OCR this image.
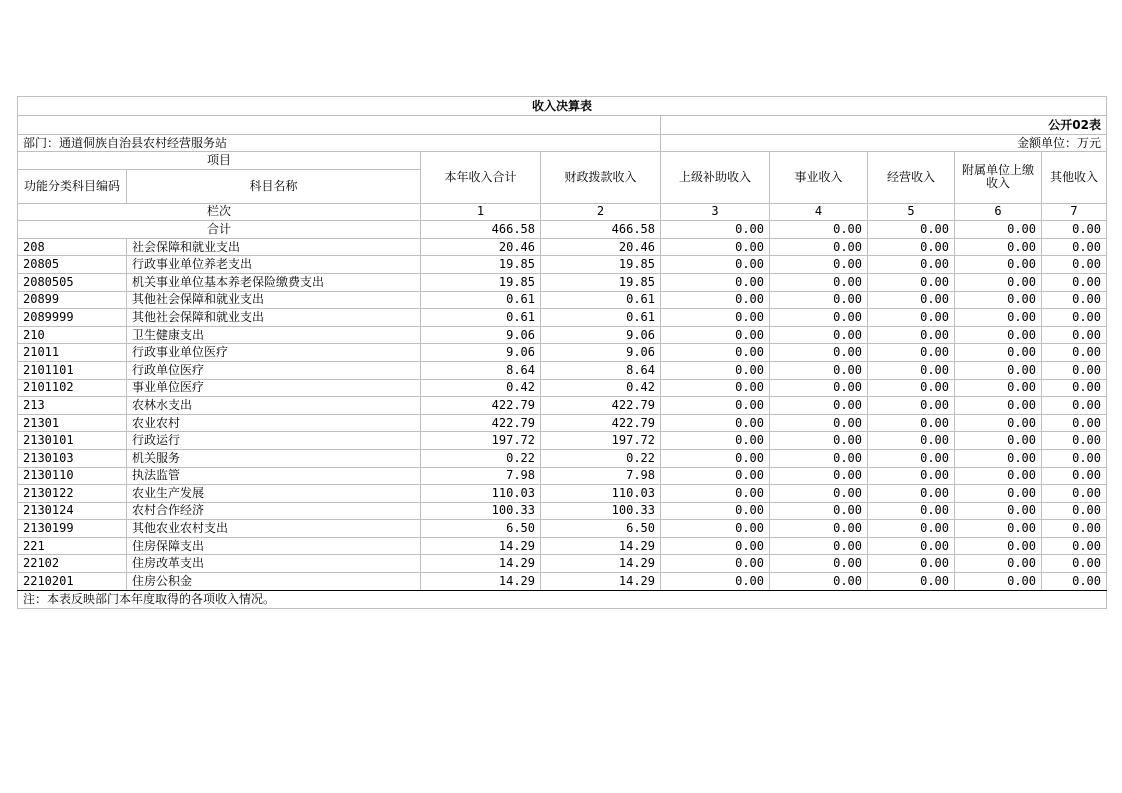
收入决算表								
				公开02表				
部门：通道侗族自治县农村经营服务站				金额单位：万元				
项目		本年收入合计	财政拨款收入	上级补助收入	事业收入	经营收入	附属单位上缴收入	其他收入
功能分类科目编码	科目名称							
栏次		1	2	3	4	5	6	7
合计		466.58	466.58	0.00	0.00	0.00	0.00	0.00
208	社会保障和就业支出	20.46	20.46	0.00	0.00	0.00	0.00	0.00
20805	行政事业单位养老支出	19.85	19.85	0.00	0.00	0.00	0.00	0.00
2080505	机关事业单位基本养老保险缴费支出	19.85	19.85	0.00	0.00	0.00	0.00	0.00
20899	其他社会保障和就业支出	0.61	0.61	0.00	0.00	0.00	0.00	0.00
2089999	其他社会保障和就业支出	0.61	0.61	0.00	0.00	0.00	0.00	0.00
210	卫生健康支出	9.06	9.06	0.00	0.00	0.00	0.00	0.00
21011	行政事业单位医疗	9.06	9.06	0.00	0.00	0.00	0.00	0.00
2101101	行政单位医疗	8.64	8.64	0.00	0.00	0.00	0.00	0.00
2101102	事业单位医疗	0.42	0.42	0.00	0.00	0.00	0.00	0.00
213	农林水支出	422.79	422.79	0.00	0.00	0.00	0.00	0.00
21301	农业农村	422.79	422.79	0.00	0.00	0.00	0.00	0.00
2130101	行政运行	197.72	197.72	0.00	0.00	0.00	0.00	0.00
2130103	机关服务	0.22	0.22	0.00	0.00	0.00	0.00	0.00
2130110	执法监管	7.98	7.98	0.00	0.00	0.00	0.00	0.00
2130122	农业生产发展	110.03	110.03	0.00	0.00	0.00	0.00	0.00
2130124	农村合作经济	100.33	100.33	0.00	0.00	0.00	0.00	0.00
2130199	其他农业农村支出	6.50	6.50	0.00	0.00	0.00	0.00	0.00
221	住房保障支出	14.29	14.29	0.00	0.00	0.00	0.00	0.00
22102	住房改革支出	14.29	14.29	0.00	0.00	0.00	0.00	0.00
2210201	住房公积金	14.29	14.29	0.00	0.00	0.00	0.00	0.00
注：本表反映部门本年度取得的各项收入情况。								
